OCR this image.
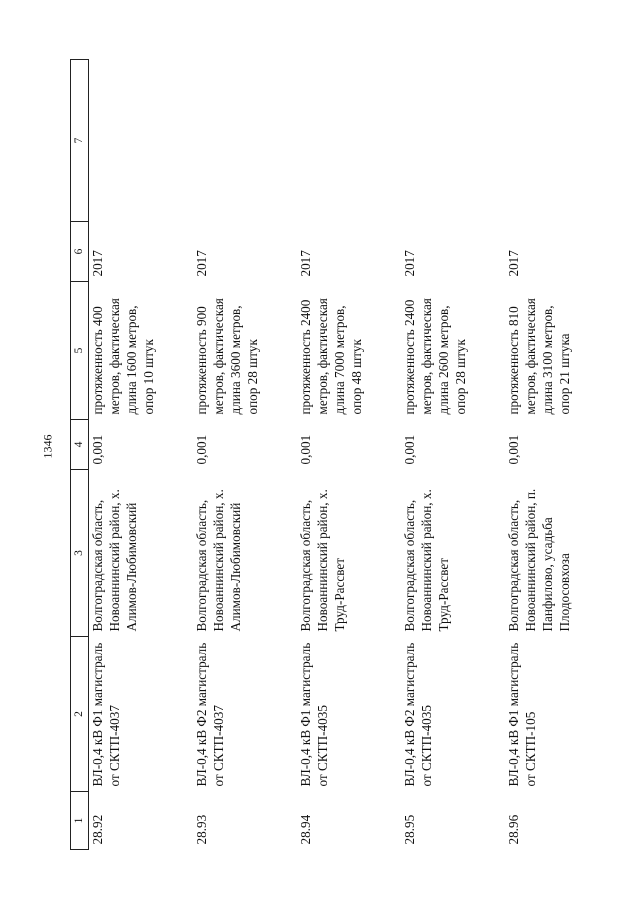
1346
1	2	3	4	5	6	7
28.92	ВЛ-0,4 кВ Ф1 магистраль от СКТП-4037	Волгоградская область, Новоаннинский район, х. Алимов-Любимовский	0,001	протяженность 400 метров, фактическая длина 1600 метров, опор 10 штук	2017	
28.93	ВЛ-0,4 кВ Ф2 магистраль от СКТП-4037	Волгоградская область, Новоаннинский район, х. Алимов-Любимовский	0,001	протяженность 900 метров, фактическая длина 3600 метров, опор 28 штук	2017	
28.94	ВЛ-0,4 кВ Ф1 магистраль от СКТП-4035	Волгоградская область, Новоаннинский район, х. Труд-Рассвет	0,001	протяженность 2400 метров, фактическая длина 7000 метров, опор 48 штук	2017	
28.95	ВЛ-0,4 кВ Ф2 магистраль от СКТП-4035	Волгоградская область, Новоаннинский район, х. Труд-Рассвет	0,001	протяженность 2400 метров, фактическая длина 2600 метров, опор 28 штук	2017	
28.96	ВЛ-0,4 кВ Ф1 магистраль от СКТП-105	Волгоградская область, Новоаннинский район, п. Панфилово, усадьба Плодосовхоза	0,001	протяженность 810 метров, фактическая длина 3100 метров, опор 21 штука	2017	
